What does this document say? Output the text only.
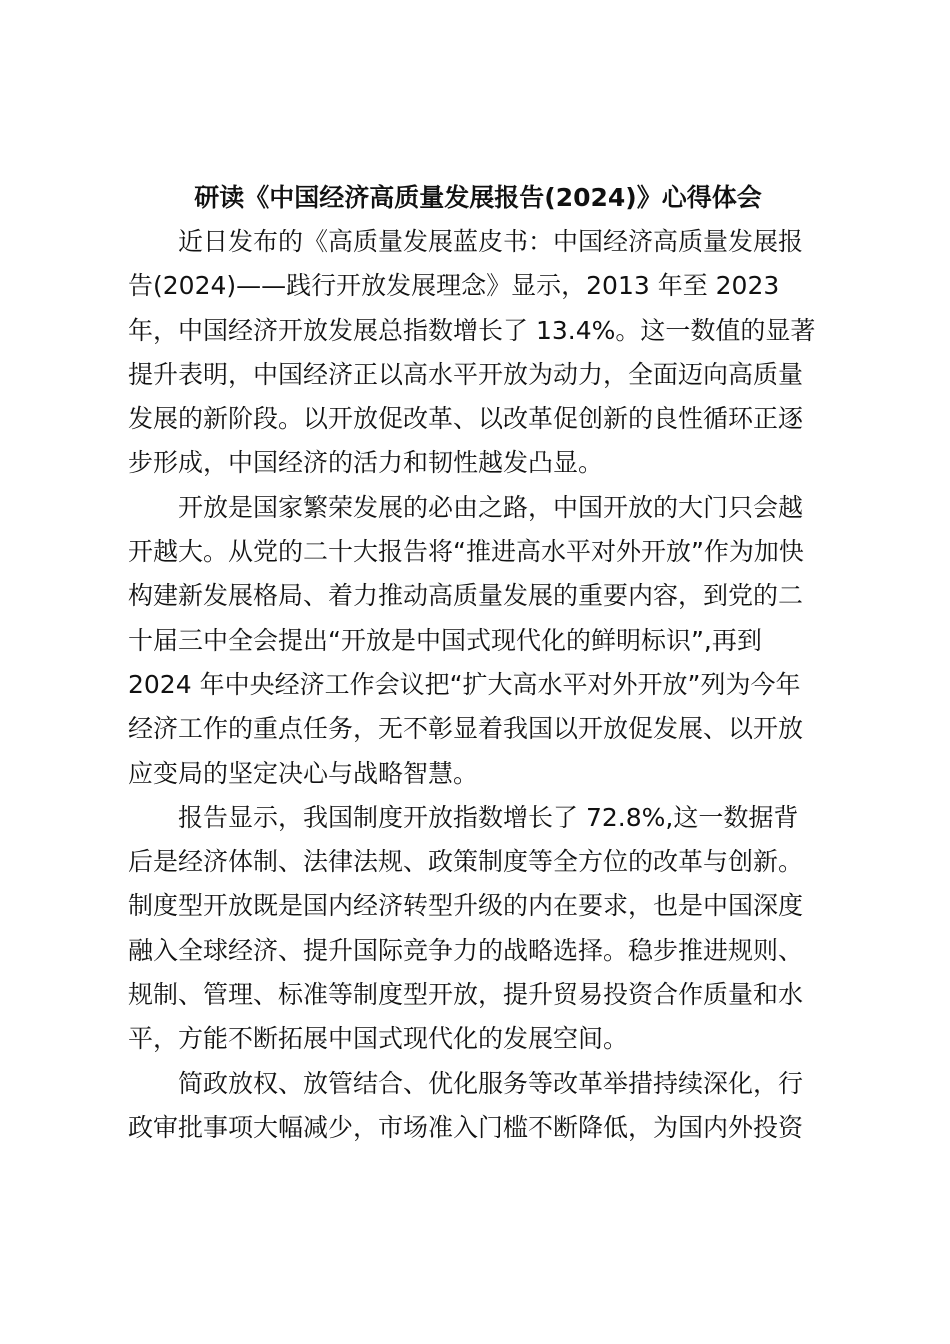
研读《中国经济高质量发展报告(2024)》心得体会

近日发布的《高质量发展蓝皮书：中国经济高质量发展报
告(2024)——践行开放发展理念》显示，2013 年至 2023
年，中国经济开放发展总指数增长了 13.4%。这一数值的显著
提升表明，中国经济正以高水平开放为动力，全面迈向高质量
发展的新阶段。以开放促改革、以改革促创新的良性循环正逐
步形成，中国经济的活力和韧性越发凸显。

开放是国家繁荣发展的必由之路，中国开放的大门只会越
开越大。从党的二十大报告将“推进高水平对外开放”作为加快
构建新发展格局、着力推动高质量发展的重要内容，到党的二
十届三中全会提出“开放是中国式现代化的鲜明标识”,再到
2024 年中央经济工作会议把“扩大高水平对外开放”列为今年
经济工作的重点任务，无不彰显着我国以开放促发展、以开放
应变局的坚定决心与战略智慧。

报告显示，我国制度开放指数增长了 72.8%,这一数据背
后是经济体制、法律法规、政策制度等全方位的改革与创新。
制度型开放既是国内经济转型升级的内在要求，也是中国深度
融入全球经济、提升国际竞争力的战略选择。稳步推进规则、
规制、管理、标准等制度型开放，提升贸易投资合作质量和水
平，方能不断拓展中国式现代化的发展空间。

简政放权、放管结合、优化服务等改革举措持续深化，行
政审批事项大幅减少，市场准入门槛不断降低，为国内外投资
